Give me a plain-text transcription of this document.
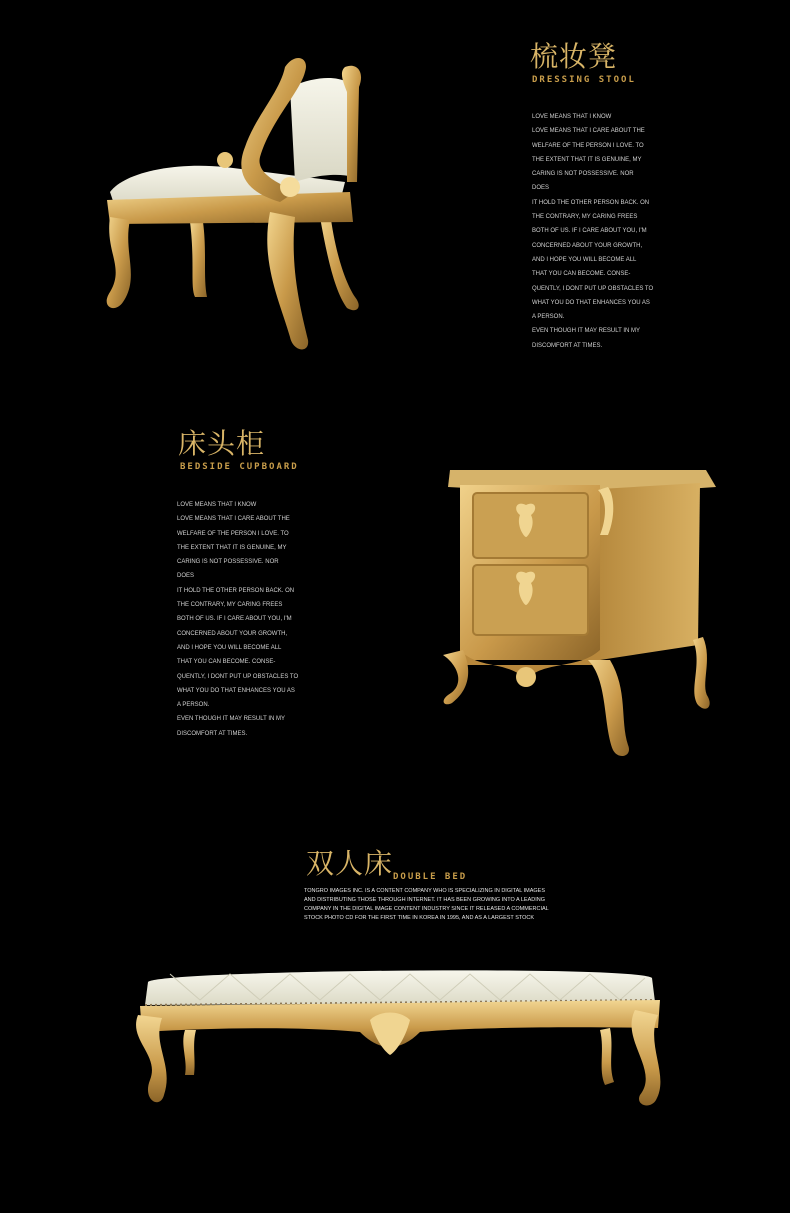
梳妆凳
DRESSING STOOL
LOVE MEANS THAT I KNOW
LOVE MEANS THAT I CARE ABOUT THE
WELFARE OF THE PERSON I LOVE. TO
THE EXTENT THAT IT IS GENUINE, MY
CARING IS NOT POSSESSIVE. NOR
DOES
IT HOLD THE OTHER PERSON BACK. ON
THE CONTRARY, MY CARING FREES
BOTH OF US. IF I CARE ABOUT YOU, I'M
CONCERNED ABOUT YOUR GROWTH,
AND I HOPE YOU WILL BECOME ALL
THAT YOU CAN BECOME. CONSE-
QUENTLY, I DONT PUT UP OBSTACLES TO
WHAT YOU DO THAT ENHANCES YOU AS
A PERSON.
EVEN THOUGH IT MAY RESULT IN MY
DISCOMFORT AT TIMES.
床头柜
BEDSIDE CUPBOARD
LOVE MEANS THAT I KNOW
LOVE MEANS THAT I CARE ABOUT THE
WELFARE OF THE PERSON I LOVE. TO
THE EXTENT THAT IT IS GENUINE, MY
CARING IS NOT POSSESSIVE. NOR
DOES
IT HOLD THE OTHER PERSON BACK. ON
THE CONTRARY, MY CARING FREES
BOTH OF US. IF I CARE ABOUT YOU, I'M
CONCERNED ABOUT YOUR GROWTH,
AND I HOPE YOU WILL BECOME ALL
THAT YOU CAN BECOME. CONSE-
QUENTLY, I DONT PUT UP OBSTACLES TO
WHAT YOU DO THAT ENHANCES YOU AS
A PERSON.
EVEN THOUGH IT MAY RESULT IN MY
DISCOMFORT AT TIMES.
双人床 DOUBLE BED
TONGRO IMAGES INC. IS A CONTENT COMPANY WHO IS SPECIALIZING IN DIGITAL IMAGES
AND DISTRIBUTING THOSE THROUGH INTERNET. IT HAS BEEN GROWING INTO A LEADING
COMPANY IN THE DIGITAL IMAGE CONTENT INDUSTRY SINCE IT RELEASED A COMMERCIAL
STOCK PHOTO CD FOR THE FIRST TIME IN KOREA IN 1995, AND AS A LARGEST STOCK
